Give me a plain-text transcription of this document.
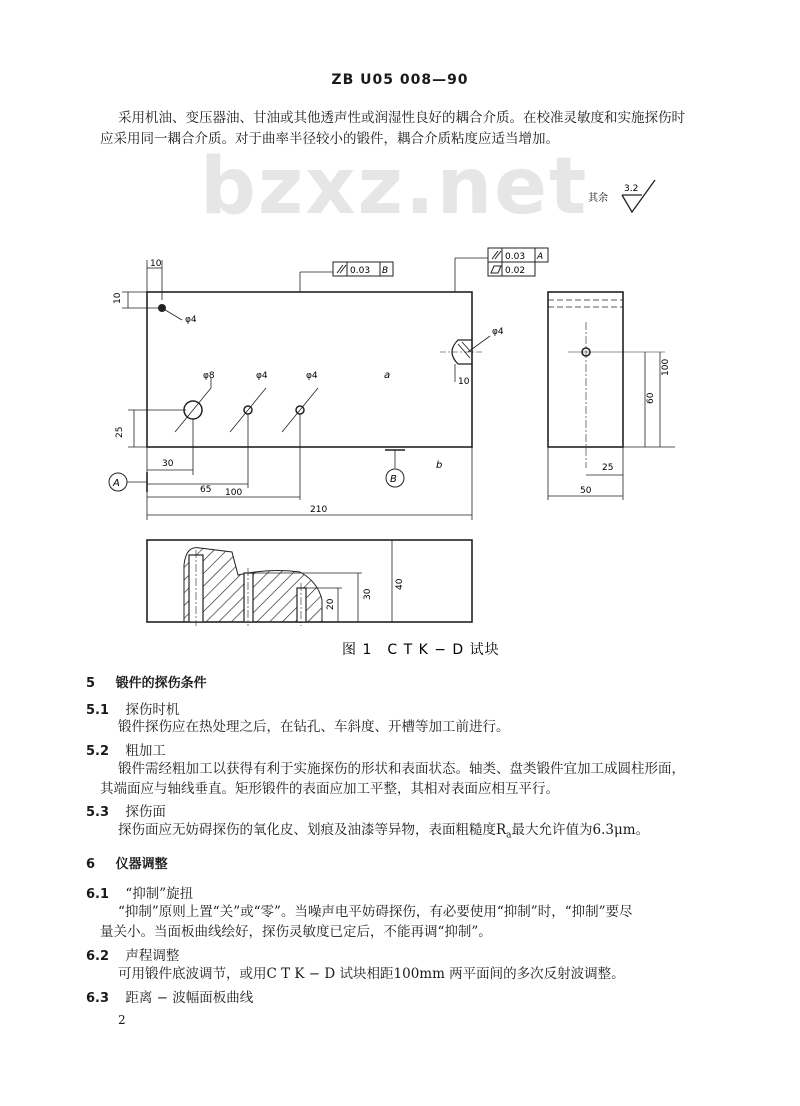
ZB U05 008—90
bzxz.net
采用机油、变压器油、甘油或其他透声性或润湿性良好的耦合介质。在校准灵敏度和实施探伤时
应采用同一耦合介质。对于曲率半径较小的锻件，耦合介质粘度应适当增加。
其余
3.2
10
10
φ4
0.03 B
0.03 A
0.02
φ4
10
a
φ8	φ4	φ4
25
B
b
A
30
65 100
210
100
60
25
50
20
30
40
图 1　C T K − D 试块
5 锻件的探伤条件
5.1 探伤时机
锻件探伤应在热处理之后，在钻孔、车斜度、开槽等加工前进行。
5.2 粗加工
锻件需经粗加工以获得有利于实施探伤的形状和表面状态。轴类、盘类锻件宜加工成圆柱形面，
其端面应与轴线垂直。矩形锻件的表面应加工平整，其相对表面应相互平行。
5.3 探伤面
探伤面应无妨碍探伤的氧化皮、划痕及油漆等异物，表面粗糙度$R_a$最大允许值为6.3μm。
6 仪器调整
6.1 “抑制”旋扭
“抑制”原则上置“关”或“零”。当噪声电平妨碍探伤，有必要使用“抑制”时，“抑制”要尽
量关小。当面板曲线绘好，探伤灵敏度已定后，不能再调“抑制”。
6.2 声程调整
可用锻件底波调节，或用C T K − D 试块相距100mm 两平面间的多次反射波调整。
6.3 距离 − 波幅面板曲线
2
